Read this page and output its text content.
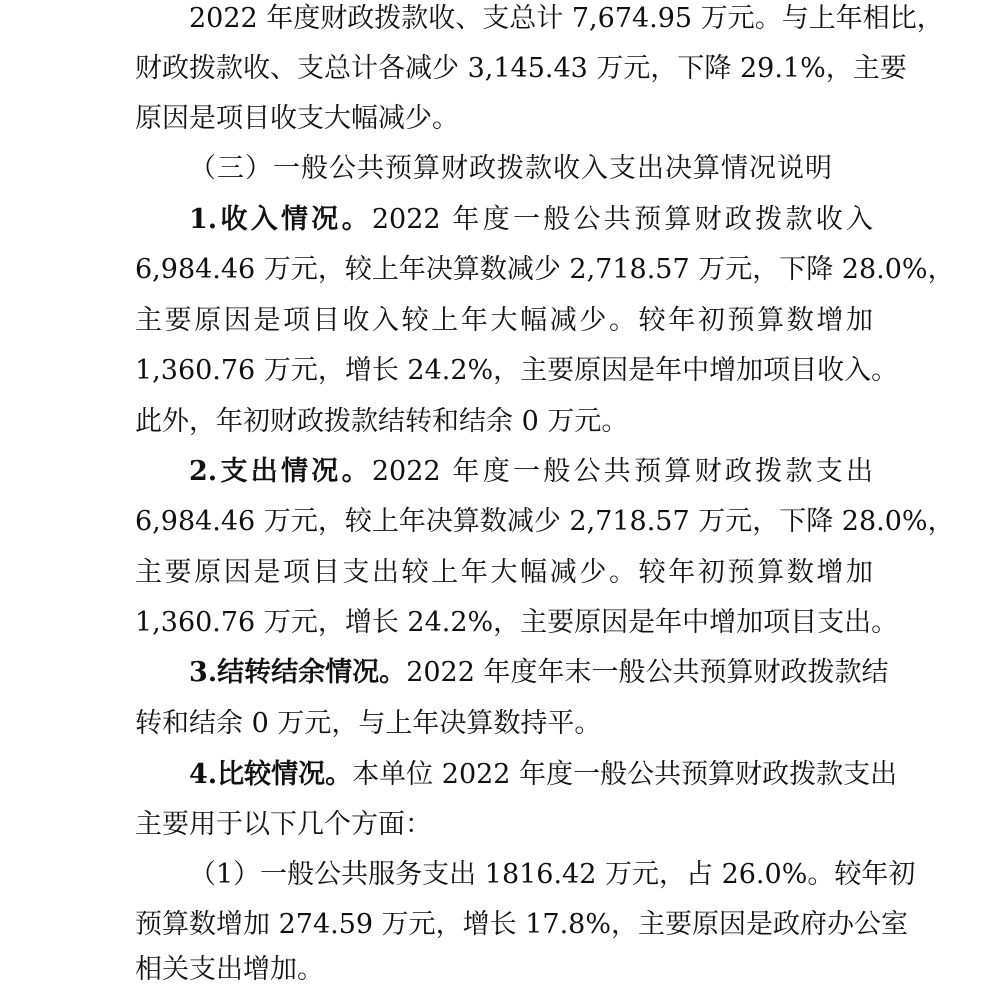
2022 年度财政拨款收、支总计 7,674.95 万元。与上年相比，
财政拨款收、支总计各减少 3,145.43 万元，下降 29.1%，主要
原因是项目收支大幅减少。
（三）一般公共预算财政拨款收入支出决算情况说明
1.收入情况。2022 年度一般公共预算财政拨款收入
6,984.46 万元，较上年决算数减少 2,718.57 万元，下降 28.0%，
主要原因是项目收入较上年大幅减少。较年初预算数增加
1,360.76 万元，增长 24.2%，主要原因是年中增加项目收入。
此外，年初财政拨款结转和结余 0 万元。
2.支出情况。2022 年度一般公共预算财政拨款支出
6,984.46 万元，较上年决算数减少 2,718.57 万元，下降 28.0%，
主要原因是项目支出较上年大幅减少。较年初预算数增加
1,360.76 万元，增长 24.2%，主要原因是年中增加项目支出。
3.结转结余情况。2022 年度年末一般公共预算财政拨款结
转和结余 0 万元，与上年决算数持平。
4.比较情况。本单位 2022 年度一般公共预算财政拨款支出
主要用于以下几个方面：
（1）一般公共服务支出 1816.42 万元，占 26.0%。较年初
预算数增加 274.59 万元，增长 17.8%，主要原因是政府办公室
相关支出增加。
